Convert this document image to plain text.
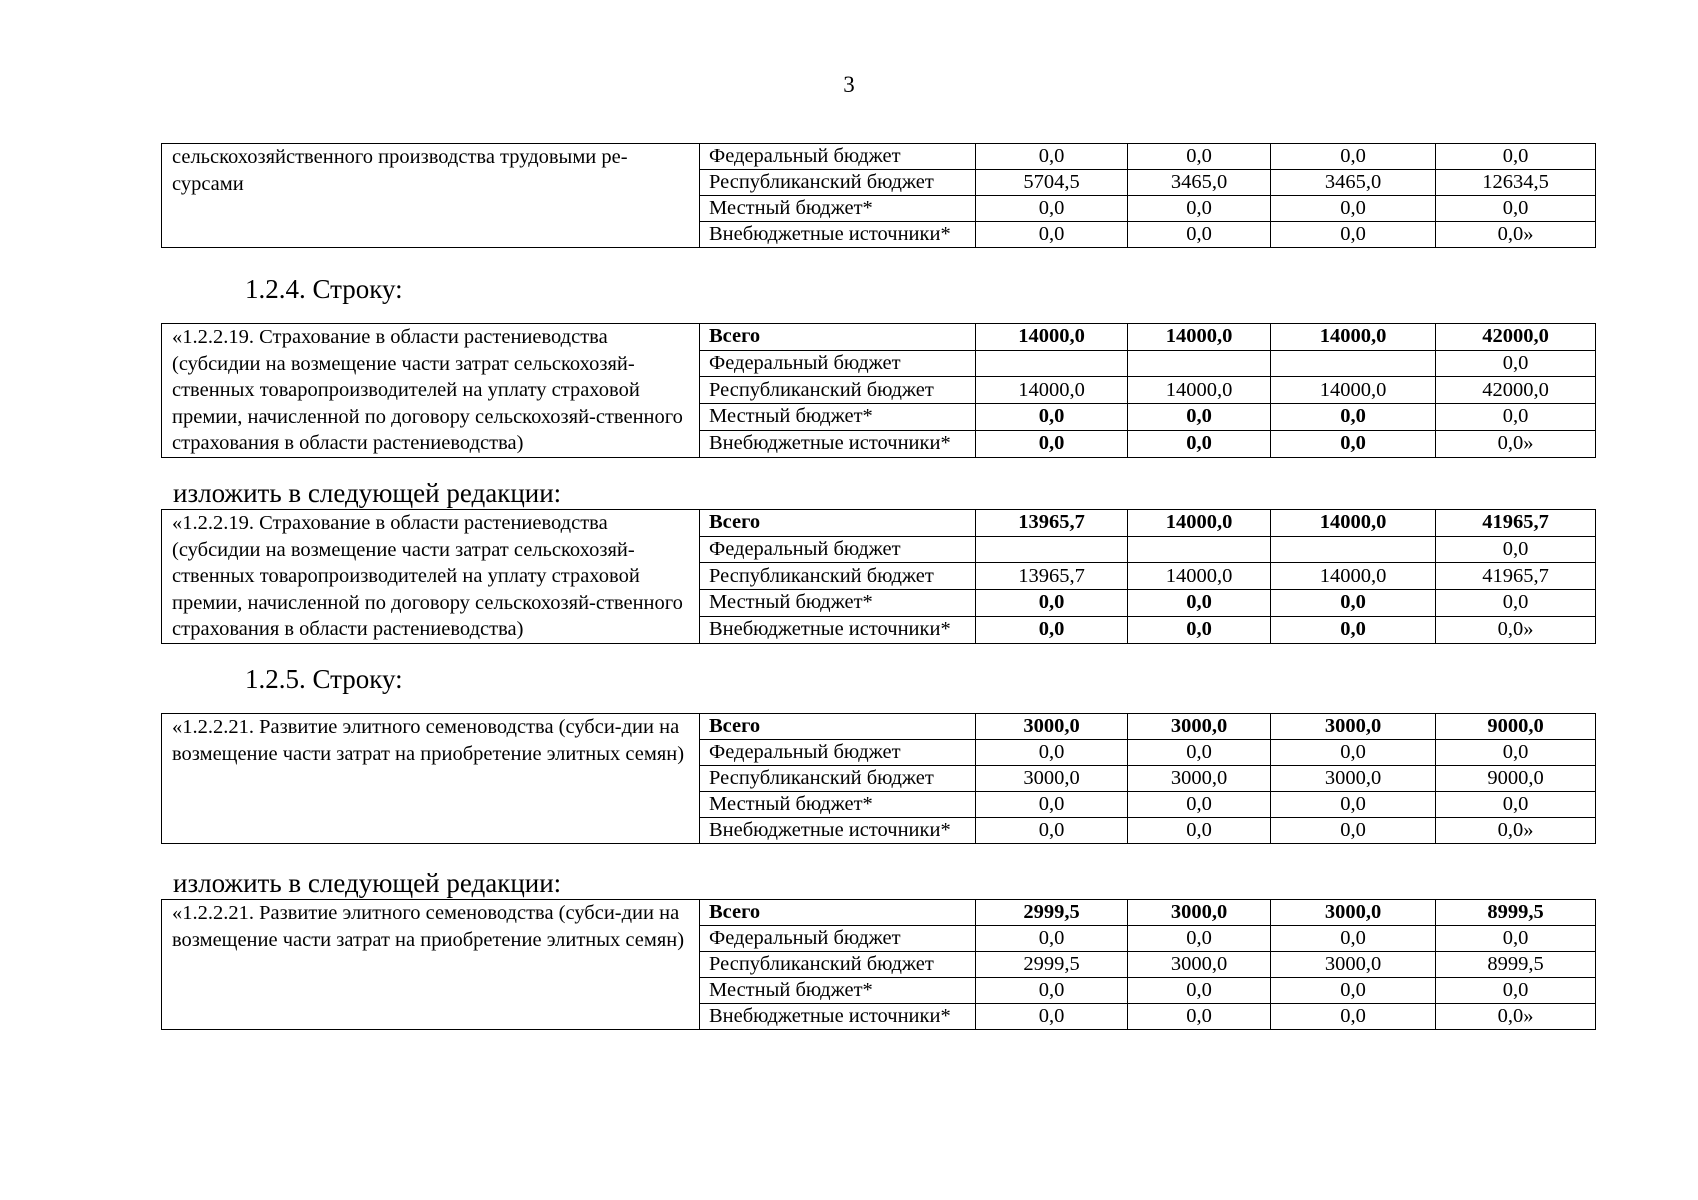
3
сельскохозяйственного производства трудовыми ре-сурсами	Федеральный бюджет	0,0	0,0	0,0	0,0
	Республиканский бюджет	5704,5	3465,0	3465,0	12634,5
	Местный бюджет*	0,0	0,0	0,0	0,0
	Внебюджетные источники*	0,0	0,0	0,0	0,0»
1.2.4. Строку:
«1.2.2.19. Страхование в области растениеводства (субсидии на возмещение части затрат сельскохозяй-ственных товаропроизводителей на уплату страховой премии, начисленной по договору сельскохозяй-ственного страхования в области растениеводства)	Всего	14000,0	14000,0	14000,0	42000,0
	Федеральный бюджет				0,0
	Республиканский бюджет	14000,0	14000,0	14000,0	42000,0
	Местный бюджет*	0,0	0,0	0,0	0,0
	Внебюджетные источники*	0,0	0,0	0,0	0,0»
изложить в следующей редакции:
«1.2.2.19. Страхование в области растениеводства (субсидии на возмещение части затрат сельскохозяй-ственных товаропроизводителей на уплату страховой премии, начисленной по договору сельскохозяй-ственного страхования в области растениеводства)	Всего	13965,7	14000,0	14000,0	41965,7
	Федеральный бюджет				0,0
	Республиканский бюджет	13965,7	14000,0	14000,0	41965,7
	Местный бюджет*	0,0	0,0	0,0	0,0
	Внебюджетные источники*	0,0	0,0	0,0	0,0»
1.2.5. Строку:
«1.2.2.21. Развитие элитного семеноводства (субси-дии на возмещение части затрат на приобретение элитных семян)	Всего	3000,0	3000,0	3000,0	9000,0
	Федеральный бюджет	0,0	0,0	0,0	0,0
	Республиканский бюджет	3000,0	3000,0	3000,0	9000,0
	Местный бюджет*	0,0	0,0	0,0	0,0
	Внебюджетные источники*	0,0	0,0	0,0	0,0»
изложить в следующей редакции:
«1.2.2.21. Развитие элитного семеноводства (субси-дии на возмещение части затрат на приобретение элитных семян)	Всего	2999,5	3000,0	3000,0	8999,5
	Федеральный бюджет	0,0	0,0	0,0	0,0
	Республиканский бюджет	2999,5	3000,0	3000,0	8999,5
	Местный бюджет*	0,0	0,0	0,0	0,0
	Внебюджетные источники*	0,0	0,0	0,0	0,0»
